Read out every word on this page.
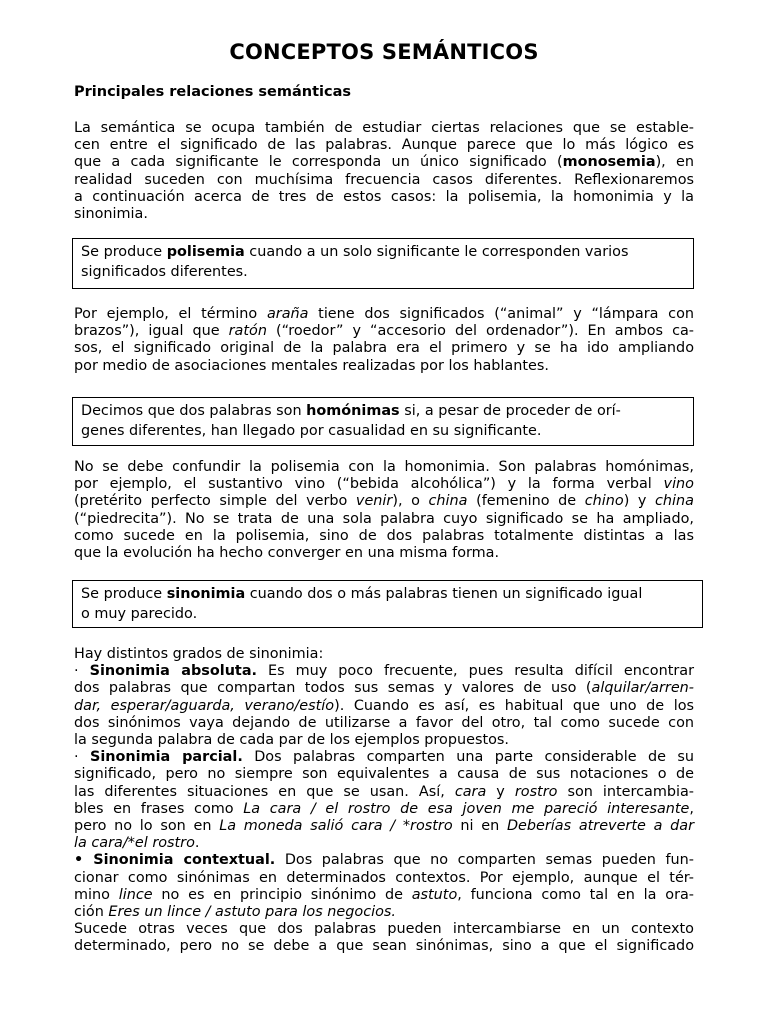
CONCEPTOS SEMÁNTICOS
Principales relaciones semánticas

La semántica se ocupa también de estudiar ciertas relaciones que se estable-

cen entre el significado de las palabras. Aunque parece que lo más lógico es

que a cada significante le corresponda un único significado (monosemia), en

realidad suceden con muchísima frecuencia casos diferentes. Reflexionaremos

a continuación acerca de tres de estos casos: la polisemia, la homonimia y la

sinonimia.

Se produce polisemia cuando a un solo significante le corresponden varios

significados diferentes.

Por ejemplo, el término araña tiene dos significados (“animal” y “lámpara con

brazos”), igual que ratón (“roedor” y “accesorio del ordenador”). En ambos ca-

sos, el significado original de la palabra era el primero y se ha ido ampliando

por medio de asociaciones mentales realizadas por los hablantes.

Decimos que dos palabras son homónimas si, a pesar de proceder de orí-

genes diferentes, han llegado por casualidad en su significante.

No se debe confundir la polisemia con la homonimia. Son palabras homónimas,

por ejemplo, el sustantivo vino (“bebida alcohólica”) y la forma verbal vino

(pretérito perfecto simple del verbo venir), o china (femenino de chino) y china

(“piedrecita”). No se trata de una sola palabra cuyo significado se ha ampliado,

como sucede en la polisemia, sino de dos palabras totalmente distintas a las

que la evolución ha hecho converger en una misma forma.

Se produce sinonimia cuando dos o más palabras tienen un significado igual

o muy parecido.

Hay distintos grados de sinonimia:

· Sinonimia absoluta. Es muy poco frecuente, pues resulta difícil encontrar

dos palabras que compartan todos sus semas y valores de uso (alquilar/arren-

dar, esperar/aguarda, verano/estío). Cuando es así, es habitual que uno de los

dos sinónimos vaya dejando de utilizarse a favor del otro, tal como sucede con

la segunda palabra de cada par de los ejemplos propuestos.

· Sinonimia parcial. Dos palabras comparten una parte considerable de su

significado, pero no siempre son equivalentes a causa de sus notaciones o de

las diferentes situaciones en que se usan. Así, cara y rostro son intercambia-

bles en frases como La cara / el rostro de esa joven me pareció interesante,

pero no lo son en La moneda salió cara / *rostro ni en Deberías atreverte a dar

la cara/*el rostro.

• Sinonimia contextual. Dos palabras que no comparten semas pueden fun-

cionar como sinónimas en determinados contextos. Por ejemplo, aunque el tér-

mino lince no es en principio sinónimo de astuto, funciona como tal en la ora-

ción Eres un lince / astuto para los negocios.

Sucede otras veces que dos palabras pueden intercambiarse en un contexto

determinado, pero no se debe a que sean sinónimas, sino a que el significado
